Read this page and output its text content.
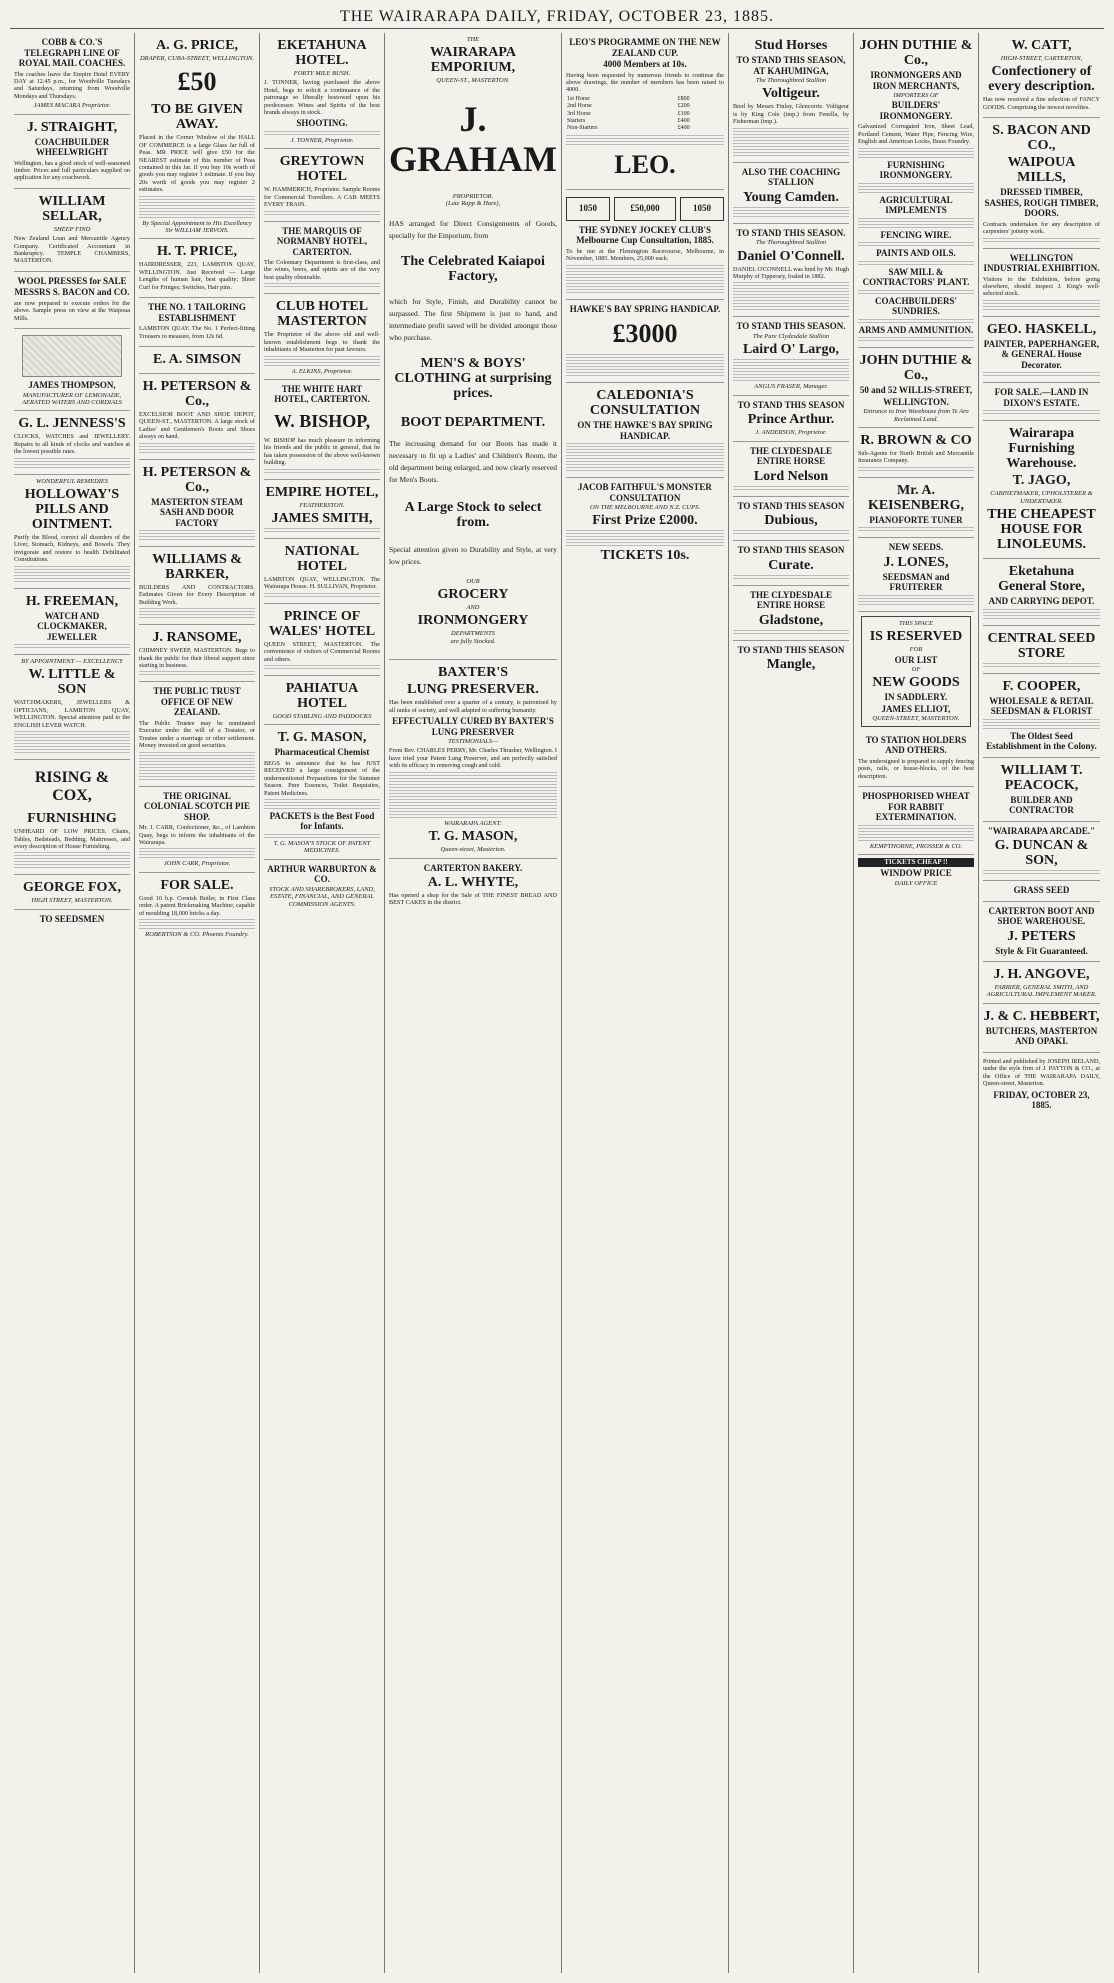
THE WAIRARAPA DAILY, FRIDAY, OCTOBER 23, 1885.
COBB & CO.'S TELEGRAPH LINE OF ROYAL MAIL COACHES.
The coaches leave the Empire Hotel EVERY DAY at 12.45 p.m., for Woodville Tuesdays and Saturdays, returning from Woodville Mondays and Thursdays.
JAMES MACARA Proprietor.
J. STRAIGHT,
COACHBUILDER WHEELWRIGHT
Wellington, has a good stock of well-seasoned timber. Prices and full particulars supplied on application for any coachwork.
WILLIAM SELLAR,
SHEEP FIND
New Zealand Loan and Mercantile Agency Company. Certificated Accountant in Bankruptcy. TEMPLE CHAMBERS, MASTERTON.
WOOL PRESSES for SALE
MESSRS S. BACON and CO.
are now prepared to execute orders for the above. Sample press on view at the Waipoua Mills.
JAMES THOMPSON,
MANUFACTURER OF LEMONADE, AERATED WATERS AND CORDIALS
G. L. JENNESS'S
CLOCKS, WATCHES and JEWELLERY. Repairs to all kinds of clocks and watches at the lowest possible rates.
WONDERFUL REMEDIES
HOLLOWAY'S PILLS AND OINTMENT.
Purify the Blood, correct all disorders of the Liver, Stomach, Kidneys, and Bowels. They invigorate and restore to health Debilitated Constitutions.
H. FREEMAN,
WATCH AND CLOCKMAKER, JEWELLER
BY APPOINTMENT — EXCELLENCY
W. LITTLE & SON
WATCHMAKERS, JEWELLERS & OPTICIANS, LAMBTON QUAY, WELLINGTON. Special attention paid to the ENGLISH LEVER WATCH.
RISING & COX,
FURNISHING
UNHEARD OF LOW PRICES. Chairs, Tables, Bedsteads, Bedding, Mattresses, and every description of House Furnishing.
GEORGE FOX,
HIGH STREET, MASTERTON.
TO SEEDSMEN
A. G. PRICE,
DRAPER, CUBA-STREET, WELLINGTON.
£50
TO BE GIVEN AWAY.
Placed in the Corner Window of the HALL OF COMMERCE is a large Glass Jar full of Peas. MR PRICE will give £50 for the NEAREST estimate of this number of Peas contained in this Jar. If you buy 10s worth of goods you may register 1 estimate. If you buy 20s worth of goods you may register 2 estimates.
By Special Appointment to His Excellency Sir WILLIAM JERVOIS.
H. T. PRICE,
HAIRDRESSER, 223, LAMBTON QUAY, WELLINGTON. Just Received — Large Lengths of human hair, best quality; Short Curl for Fringes; Switches, Hair pins.
THE NO. 1 TAILORING ESTABLISHMENT
LAMBTON QUAY. The No. 1 Perfect-fitting Trousers to measure, from 12s 6d.
E. A. SIMSON
H. PETERSON & Co.,
EXCELSIOR BOOT AND SHOE DEPOT, QUEEN-ST., MASTERTON. A large stock of Ladies' and Gentlemen's Boots and Shoes always on hand.
H. PETERSON & Co.,
MASTERTON STEAM SASH AND DOOR FACTORY
WILLIAMS & BARKER,
BUILDERS AND CONTRACTORS. Estimates Given for Every Description of Building Work.
J. RANSOME,
CHIMNEY SWEEP, MASTERTON. Begs to thank the public for their liberal support since starting in business.
THE PUBLIC TRUST OFFICE OF NEW ZEALAND.
The Public Trustee may be nominated Executor under the will of a Testator, or Trustee under a marriage or other settlement. Money invested on good securities.
THE ORIGINAL COLONIAL SCOTCH PIE SHOP.
Mr. J. CARR, Confectioner, &c., of Lambton Quay, begs to inform the inhabitants of the Wairarapa.
JOHN CARR, Proprietor.
FOR SALE.
Good 10 h.p. Cornish Boiler, in First Class order. A patent Brickmaking Machine, capable of moulding 18,000 bricks a day.
ROBERTSON & CO. Phoenix Foundry.
EKETAHUNA HOTEL.
FORTY MILE BUSH.
J. TONNER, having purchased the above Hotel, begs to solicit a continuance of the patronage so liberally bestowed upon his predecessor. Wines and Spirits of the best brands always in stock.
SHOOTING.
J. TONNER, Proprietor.
GREYTOWN HOTEL
W. HAMMERICH, Proprietor. Sample Rooms for Commercial Travellers. A CAB MEETS EVERY TRAIN.
THE MARQUIS OF NORMANBY HOTEL, CARTERTON.
The Colonnary Department is first-class, and the wines, beers, and spirits are of the very best quality obtainable.
CLUB HOTEL MASTERTON
The Proprietor of the above old and well-known establishment begs to thank the inhabitants of Masterton for past favours.
A. ELKINS, Proprietor.
THE WHITE HART HOTEL, CARTERTON.
W. BISHOP,
W. BISHOP has much pleasure in informing his friends and the public in general, that he has taken possession of the above well-known building.
EMPIRE HOTEL,
FEATHERSTON.
JAMES SMITH,
NATIONAL HOTEL
LAMBTON QUAY, WELLINGTON. The Wairarapa House. H. SULLIVAN, Proprietor.
PRINCE OF WALES' HOTEL
QUEEN STREET, MASTERTON. The convenience of visitors of Commercial Rooms and others.
PAHIATUA HOTEL
GOOD STABLING AND PADDOCKS
T. G. MASON,
Pharmaceutical Chemist
BEGS to announce that he has JUST RECEIVED a large consignment of the undermentioned Preparations for the Summer Season. Pure Essences, Toilet Requisites, Patent Medicines.
PACKETS is the Best Food for Infants.
T. G. MASON'S STOCK OF PATENT MEDICINES.
ARTHUR WARBURTON & CO.
STOCK AND SHAREBROKERS, LAND, ESTATE, FINANCIAL, AND GENERAL COMMISSION AGENTS.
THE
WAIRARAPA EMPORIUM,
QUEEN-ST., MASTERTON.
J. GRAHAM
PROPRIETOR.
(Late Rapp & Hare),
HAS arranged for Direct Consignments of Goods, specially for the Emporium, from
The Celebrated Kaiapoi Factory,
which for Style, Finish, and Durability cannot be surpassed. The first Shipment is just to hand, and intermediate profit saved will be divided amongst those who purchase.
MEN'S & BOYS' CLOTHING at surprising prices.
BOOT DEPARTMENT.
The increasing demand for our Boots has made it necessary to fit up a Ladies' and Children's Room, the old department being enlarged, and now clearly reserved for Men's Boots.
A Large Stock to select from.
Special attention given to Durability and Style, at very low prices.
OUR
GROCERY
AND
IRONMONGERY
DEPARTMENTS
are fully Stocked.
BAXTER'S
LUNG PRESERVER.
Has been established over a quarter of a century, is patronised by all ranks of society, and well adapted to suffering humanity.
EFFECTUALLY CURED BY BAXTER'S LUNG PRESERVER
TESTIMONIALS—
From Rev. CHARLES PERRY, Mr. Charles Thrasher, Wellington. I have tried your Patent Lung Preserver, and am perfectly satisfied with its efficacy in removing cough and cold.
WAIRARAPA AGENT:
T. G. MASON,
Queen-street, Masterton.
CARTERTON BAKERY.
A. L. WHYTE,
Has opened a shop for the Sale of THE FINEST BREAD AND BEST CAKES in the district.
LEO'S PROGRAMME ON THE NEW ZEALAND CUP.
4000 Members at 10s.
Having been requested by numerous friends to continue the above drawings, the number of members has been raised to 4000.
1st Horse	£800
2nd Horse	£200
3rd Horse	£100
Starters	£400
Non-Starters	£400
LEO.
1050	£50,000	1050
THE SYDNEY JOCKEY CLUB'S Melbourne Cup Consultation, 1885.
To be run at the Flemington Racecourse, Melbourne, in November, 1885. Members, 25,000 each.
HAWKE'S BAY SPRING HANDICAP.
£3000
CALEDONIA'S CONSULTATION
ON THE HAWKE'S BAY SPRING HANDICAP.
JACOB FAITHFUL'S MONSTER CONSULTATION
ON THE MELBOURNE AND N.Z. CUPS.
First Prize £2000.
TICKETS 10s.
Stud Horses
TO STAND THIS SEASON, AT KAHUMINGA,
The Thoroughbred Stallion
Voltigeur.
Bred by Messrs Finlay, Glencorrie. Voltigeur is by King Cole (imp.) from Fenella, by Fisherman (imp.).
ALSO THE COACHING STALLION
Young Camden.
TO STAND THIS SEASON.
The Thoroughbred Stallion
Daniel O'Connell.
DANIEL O'CONNELL was bred by Mr. Hugh Murphy of Tipperary, foaled in 1882.
TO STAND THIS SEASON.
The Pure Clydesdale Stallion
Laird O' Largo,
ANGUS FRASER, Manager.
TO STAND THIS SEASON
Prince Arthur.
J. ANDERSON, Proprietor.
THE CLYDESDALE ENTIRE HORSE
Lord Nelson
TO STAND THIS SEASON
Dubious,
TO STAND THIS SEASON
Curate.
THE CLYDESDALE ENTIRE HORSE
Gladstone,
TO STAND THIS SEASON
Mangle,
JOHN DUTHIE & Co.,
IRONMONGERS AND IRON MERCHANTS,
IMPORTERS OF
BUILDERS' IRONMONGERY.
Galvanized Corrugated Iron, Sheet Lead, Portland Cement, Water Pipe, Fencing Wire, English and American Locks, Brass Foundry.
FURNISHING IRONMONGERY.
AGRICULTURAL IMPLEMENTS
FENCING WIRE.
PAINTS AND OILS.
SAW MILL & CONTRACTORS' PLANT.
COACHBUILDERS' SUNDRIES.
ARMS AND AMMUNITION.
JOHN DUTHIE & Co.,
50 and 52 WILLIS-STREET,
WELLINGTON.
Entrance to Iron Warehouse from Te Aro Reclaimed Land.
R. BROWN & CO
Sub-Agents for North British and Mercantile Insurance Company.
Mr. A. KEISENBERG,
PIANOFORTE TUNER
NEW SEEDS.
J. LONES,
SEEDSMAN and FRUITERER
THIS SPACE
IS RESERVED
FOR
OUR LIST
OF
NEW GOODS
IN SADDLERY.
JAMES ELLIOT,
QUEEN-STREET, MASTERTON.
TO STATION HOLDERS AND OTHERS.
The undersigned is prepared to supply fencing posts, rails, or house-blocks, of the best description.
PHOSPHORISED WHEAT FOR RABBIT EXTERMINATION.
KEMPTHORNE, PROSSER & CO.
TICKETS CHEAP !!
WINDOW PRICE
DAILY OFFICE
W. CATT,
HIGH-STREET, CARTERTON,
Confectionery of every description.
Has now received a fine selection of FANCY GOODS. Comprising the newest novelties.
S. BACON AND CO.,
WAIPOUA MILLS,
DRESSED TIMBER, SASHES, ROUGH TIMBER, DOORS.
Contracts undertaken for any description of carpenters' joinery work.
WELLINGTON INDUSTRIAL EXHIBITION.
Visitors to the Exhibition, before going elsewhere, should inspect J. King's well-selected stock.
GEO. HASKELL,
PAINTER, PAPERHANGER, & GENERAL House Decorator.
FOR SALE.—LAND IN DIXON'S ESTATE.
Wairarapa Furnishing Warehouse.
T. JAGO,
CABINETMAKER, UPHOLSTERER & UNDERTAKER.
THE CHEAPEST HOUSE FOR LINOLEUMS.
Eketahuna General Store,
AND CARRYING DEPOT.
CENTRAL SEED STORE
F. COOPER,
WHOLESALE & RETAIL SEEDSMAN & FLORIST
The Oldest Seed Establishment in the Colony.
WILLIAM T. PEACOCK,
BUILDER AND CONTRACTOR
"WAIRARAPA ARCADE."
G. DUNCAN & SON,
GRASS SEED
CARTERTON BOOT AND SHOE WAREHOUSE.
J. PETERS
Style & Fit Guaranteed.
J. H. ANGOVE,
FARRIER, GENERAL SMITH, AND AGRICULTURAL IMPLEMENT MAKER.
J. & C. HEBBERT,
BUTCHERS, MASTERTON AND OPAKI.
Printed and published by JOSEPH IRELAND, under the style firm of J. PAYTON & CO., at the Office of THE WAIRARAPA DAILY, Queen-street, Masterton.
FRIDAY, OCTOBER 23, 1885.
